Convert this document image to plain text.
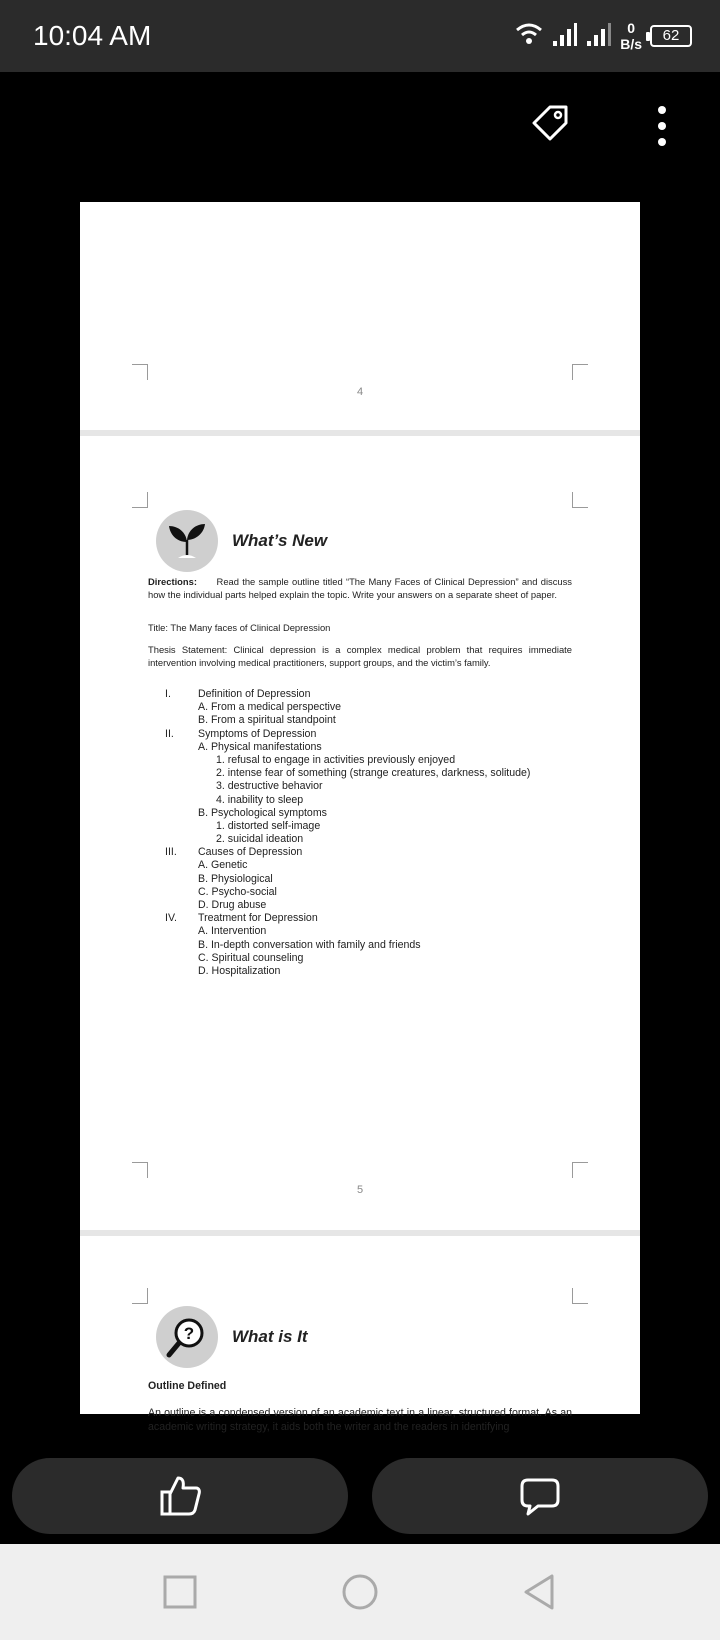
10:04 AM	0
B/s	62
4
What’s New
Directions: Read the sample outline titled “The Many Faces of Clinical Depression” and discuss how the individual parts helped explain the topic. Write your answers on a separate sheet of paper.
Title: The Many faces of Clinical Depression
Thesis Statement: Clinical depression is a complex medical problem that requires immediate intervention involving medical practitioners, support groups, and the victim’s family.
I.	Definition of Depression
A. From a medical perspective
B. From a spiritual standpoint
II. Symptoms of Depression
A. Physical manifestations
1. refusal to engage in activities previously enjoyed
2. intense fear of something (strange creatures, darkness, solitude)
3. destructive behavior
4. inability to sleep
B. Psychological symptoms
1. distorted self-image
2. suicidal ideation
III. Causes of Depression
A. Genetic
B. Physiological
C. Psycho-social
D. Drug abuse
IV. Treatment for Depression
A. Intervention
B. In-depth conversation with family and friends
C. Spiritual counseling
D. Hospitalization
5
? What is It
Outline Defined
An outline is a condensed version of an academic text in a linear, structured format. As an academic writing strategy, it aids both the writer and the readers in identifying
